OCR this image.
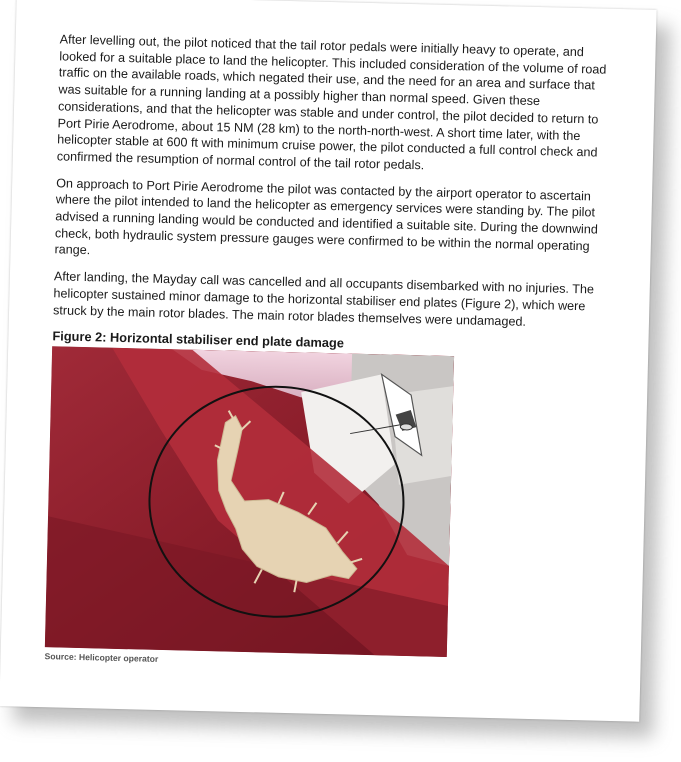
After levelling out, the pilot noticed that the tail rotor pedals were initially heavy to operate, and looked for a suitable place to land the helicopter. This included consideration of the volume of road traffic on the available roads, which negated their use, and the need for an area and surface that was suitable for a running landing at a possibly higher than normal speed. Given these considerations, and that the helicopter was stable and under control, the pilot decided to return to Port Pirie Aerodrome, about 15 NM (28 km) to the north-north-west. A short time later, with the helicopter stable at 600 ft with minimum cruise power, the pilot conducted a full control check and confirmed the resumption of normal control of the tail rotor pedals.

On approach to Port Pirie Aerodrome the pilot was contacted by the airport operator to ascertain where the pilot intended to land the helicopter as emergency services were standing by. The pilot advised a running landing would be conducted and identified a suitable site. During the downwind check, both hydraulic system pressure gauges were confirmed to be within the normal operating range.

After landing, the Mayday call was cancelled and all occupants disembarked with no injuries. The helicopter sustained minor damage to the horizontal stabiliser end plates (Figure 2), which were struck by the main rotor blades. The main rotor blades themselves were undamaged.

Figure 2: Horizontal stabiliser end plate damage
Source: Helicopter operator
